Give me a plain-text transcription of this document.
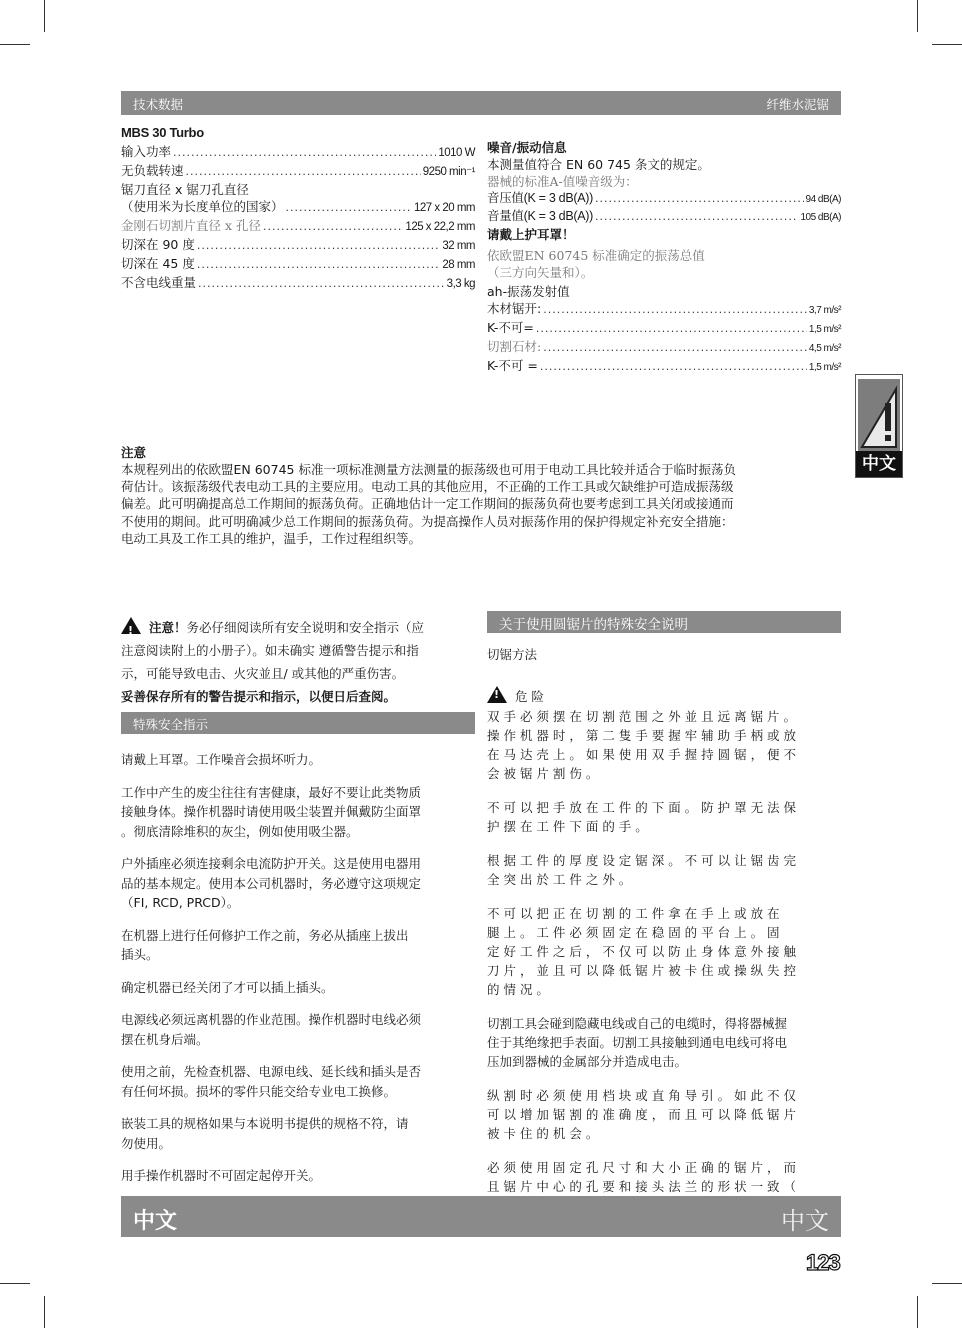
技术数据	纤维水泥锯
MBS 30 Turbo
输入功率 .....	1010 W
无负载转速 .....	9250 min⁻¹
锯刀直径 x 锯刀孔直径
（使用米为长度单位的国家） .....	127 x 20 mm
金刚石切割片直径 x 孔径 .....	125 x 22,2 mm
切深在 90 度 .....	32 mm
切深在 45 度 .....	28 mm
不含电线重量 .....	3,3 kg
噪音/振动信息
本测量值符合 EN 60 745 条文的规定。
器械的标准A-值噪音级为：
音压值(K = 3 dB(A)) .....	94 dB(A)
音量值(K = 3 dB(A)) .....	105 dB(A)
请戴上护耳罩！
依欧盟EN 60745 标准确定的振荡总值
（三方向矢量和）。
ah-振荡发射值
木材锯开: .....	3,7 m/s²
K-不可= .....	1,5 m/s²
切割石材: .....	4,5 m/s²
K-不可 = .....	1,5 m/s²
中文
注意
本规程列出的依欧盟EN 60745 标准一项标准测量方法测量的振荡级也可用于电动工具比较并适合于临时振荡负
荷估计。该振荡级代表电动工具的主要应用。电动工具的其他应用，不正确的工作工具或欠缺维护可造成振荡级
偏差。此可明确提高总工作期间的振荡负荷。正确地估计一定工作期间的振荡负荷也要考虑到工具关闭或接通而
不使用的期间。此可明确减少总工作期间的振荡负荷。为提高操作人员对振荡作用的保护得规定补充安全措施：
电动工具及工作工具的维护，温手，工作过程组织等。
!  注意！务必仔细阅读所有安全说明和安全指示（应
注意阅读附上的小册子）。如未确实 遵循警告提示和指
示，可能导致电击、火灾並且/ 或其他的严重伤害。
妥善保存所有的警告提示和指示，以便日后查阅。
特殊安全指示
请戴上耳罩。工作噪音会损坏听力。
工作中产生的废尘往往有害健康，最好不要让此类物质
接触身体。操作机器时请使用吸尘装置并佩戴防尘面罩
。彻底清除堆积的灰尘，例如使用吸尘器。
户外插座必须连接剩余电流防护开关。这是使用电器用
品的基本规定。使用本公司机器时，务必遵守这项规定
（FI, RCD, PRCD）。
在机器上进行任何修护工作之前，务必从插座上拔出
插头。
确定机器已经关闭了才可以插上插头。
电源线必须远离机器的作业范围。操作机器时电线必须
摆在机身后端。
使用之前，先检查机器、电源电线、延长线和插头是否
有任何坏损。损坏的零件只能交给专业电工换修。
嵌装工具的规格如果与本说明书提供的规格不符，请
勿使用。
用手操作机器时不可固定起停开关。
关于使用圆锯片的特殊安全说明
切锯方法
!  危 险
双 手 必 须 摆 在 切 割 范 围 之 外 並 且 远 离 锯 片 。
操 作 机 器 时 ， 第 二 隻 手 要 握 牢 辅 助 手 柄 或 放
在 马 达 壳 上 。 如 果 使 用 双 手 握 持 圆 锯 ， 便 不
会 被 锯 片 割 伤 。
不 可 以 把 手 放 在 工 件 的 下 面 。 防 护 罩 无 法 保
护 摆 在 工 件 下 面 的 手 。
根 据 工 件 的 厚 度 设 定 锯 深 。 不 可 以 让 锯 齿 完
全 突 出 於 工 件 之 外 。
不 可 以 把 正 在 切 割 的 工 件 拿 在 手 上 或 放 在
腿 上 。 工 件 必 须 固 定 在 稳 固 的 平 台 上 。 固
定 好 工 件 之 后 ， 不 仅 可 以 防 止 身 体 意 外 接 触
刀 片 ， 並 且 可 以 降 低 锯 片 被 卡 住 或 操 纵 失 控
的 情 况 。
切割工具会碰到隐藏电线或自己的电缆时，得将器械握
住于其绝缘把手表面。切割工具接触到通电电线可将电
压加到器械的金属部分并造成电击。
纵 割 时 必 须 使 用 档 块 或 直 角 导 引 。 如 此 不 仅
可 以 增 加 锯 割 的 准 确 度 ， 而 且 可 以 降 低 锯 片
被 卡 住 的 机 会 。
必 须 使 用 固 定 孔 尺 寸 和 大 小 正 确 的 锯 片 ， 而
且 锯 片 中 心 的 孔 要 和 接 头 法 兰 的 形 状 一 致 （
中文	中文
123
